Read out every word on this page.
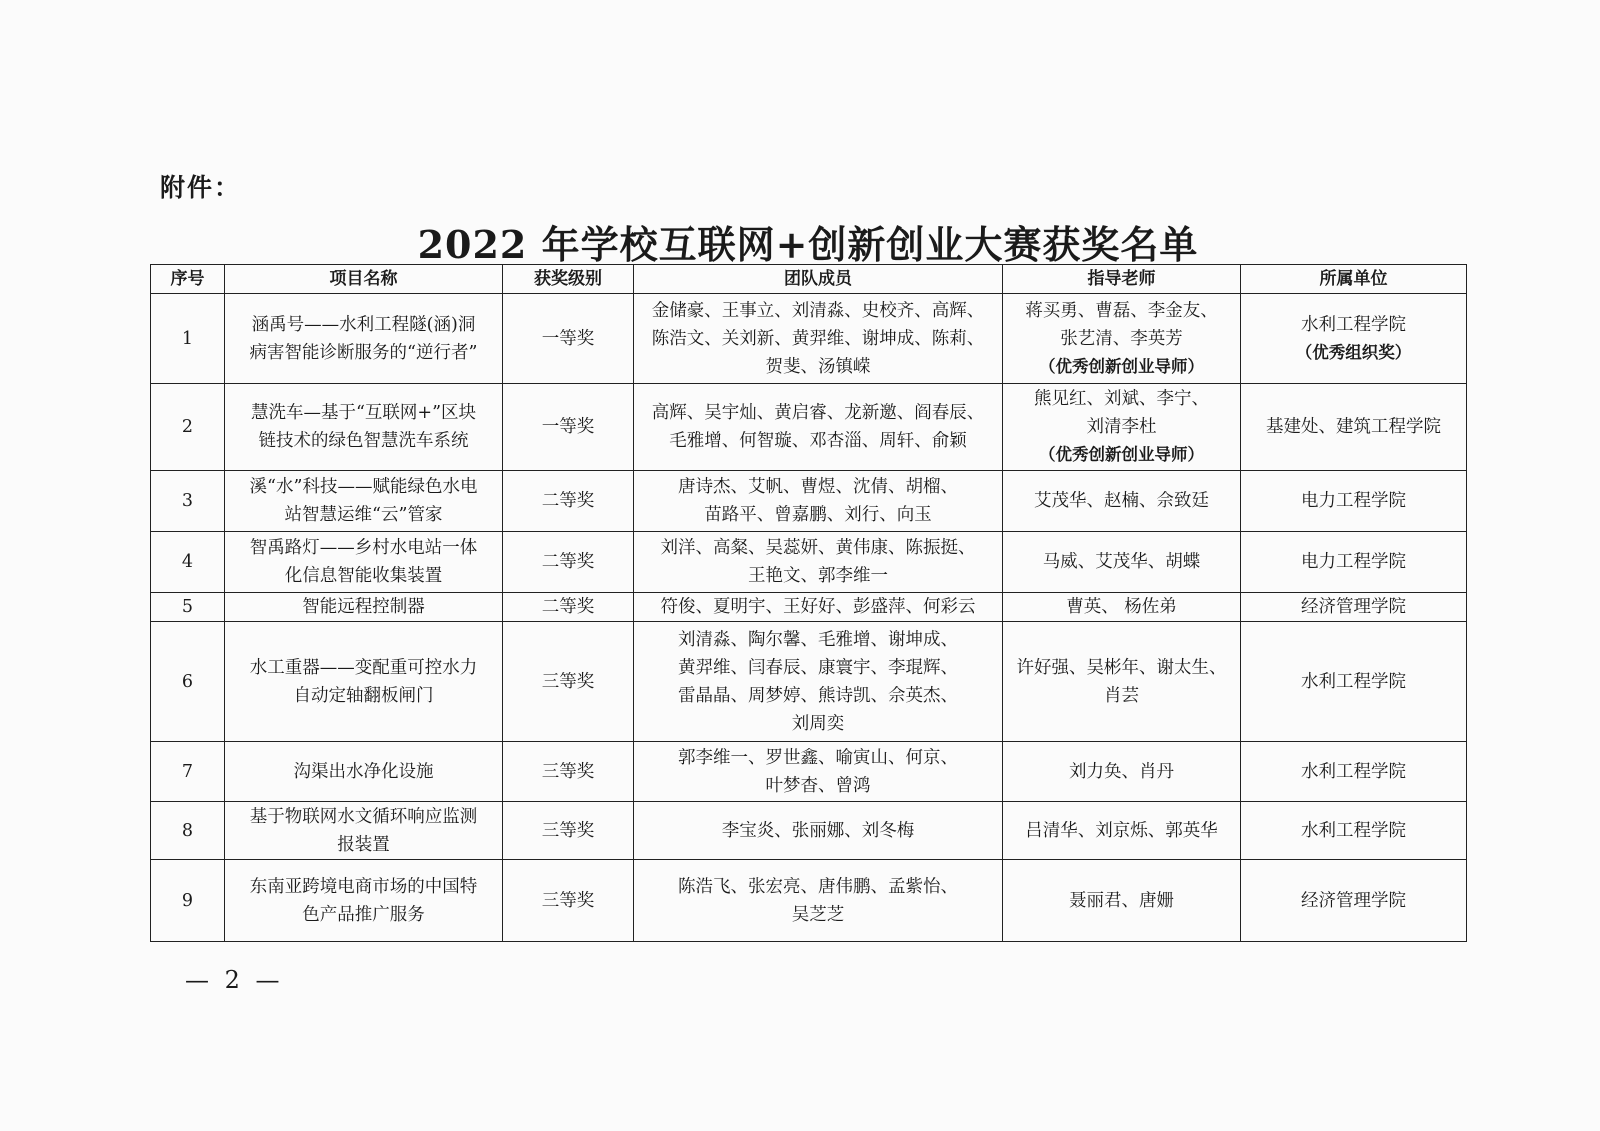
附件：
2022 年学校互联网+创新创业大赛获奖名单
序号	项目名称	获奖级别	团队成员	指导老师	所属单位
1	涵禹号——水利工程隧(涵)洞
病害智能诊断服务的“逆行者”	一等奖	金储豪、王事立、刘清淼、史校齐、高辉、
陈浩文、关刘新、黄羿维、谢坤成、陈莉、
贺斐、汤镇嵘	蒋买勇、曹磊、李金友、
张艺清、李英芳
（优秀创新创业导师）	水利工程学院
（优秀组织奖）

2	慧洗车—基于“互联网+”区块
链技术的绿色智慧洗车系统	一等奖	高辉、吴宇灿、黄启睿、龙新邀、阎春辰、
毛雅增、何智璇、邓杏淄、周轩、俞颖	熊见红、刘斌、李宁、
刘清李杜
（优秀创新创业导师）	基建处、建筑工程学院

3	溪“水”科技——赋能绿色水电
站智慧运维“云”管家	二等奖	唐诗杰、艾帆、曹煜、沈倩、胡榴、
苗路平、曾嘉鹏、刘行、向玉	艾茂华、赵楠、佘致廷	电力工程学院

4	智禹路灯——乡村水电站一体
化信息智能收集装置	二等奖	刘洋、高粲、吴蕊妍、黄伟康、陈振挺、
王艳文、郭李维一	马威、艾茂华、胡蝶	电力工程学院

5	智能远程控制器	二等奖	符俊、夏明宇、王好好、彭盛萍、何彩云	曹英、 杨佐弟	经济管理学院

6	水工重器——变配重可控水力
自动定轴翻板闸门	三等奖	刘清淼、陶尔馨、毛雅增、谢坤成、
黄羿维、闫春辰、康寰宇、李琨辉、
雷晶晶、周梦婷、熊诗凯、佘英杰、
刘周奕	许好强、吴彬年、谢太生、
肖芸	水利工程学院

7	沟渠出水净化设施	三等奖	郭李维一、罗世鑫、喻寅山、何京、
叶梦杳、曾鸿	刘力奂、肖丹	水利工程学院

8	基于物联网水文循环响应监测
报装置	三等奖	李宝炎、张丽娜、刘冬梅	吕清华、刘京烁、郭英华	水利工程学院

9	东南亚跨境电商市场的中国特
色产品推广服务	三等奖	陈浩飞、张宏亮、唐伟鹏、孟紫怡、
吴芝芝	聂丽君、唐姗	经济管理学院
— 2 —
